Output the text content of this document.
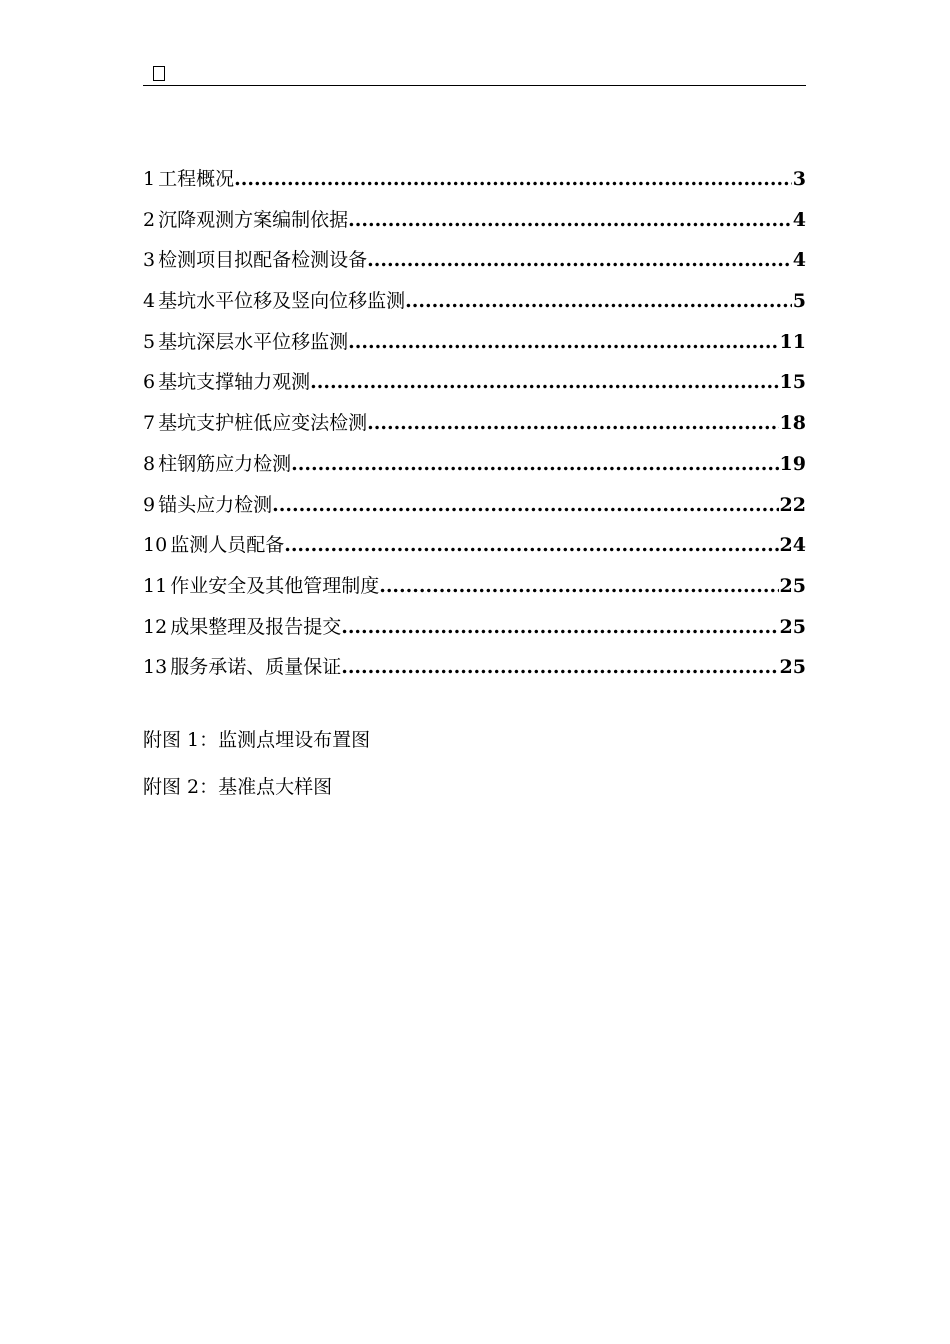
1 工程概况 .....	3
2 沉降观测方案编制依据 .....	4
3 检测项目拟配备检测设备 .....	4
4 基坑水平位移及竖向位移监测 .....	5
5 基坑深层水平位移监测 .....	11
6 基坑支撑轴力观测 .....	15
7 基坑支护桩低应变法检测 .....	18
8 柱钢筋应力检测 .....	19
9 锚头应力检测 .....	22
10 监测人员配备 .....	24
11 作业安全及其他管理制度 .....	25
12 成果整理及报告提交 .....	25
13 服务承诺、质量保证 .....	25
附图 1：监测点埋设布置图
附图 2：基准点大样图
